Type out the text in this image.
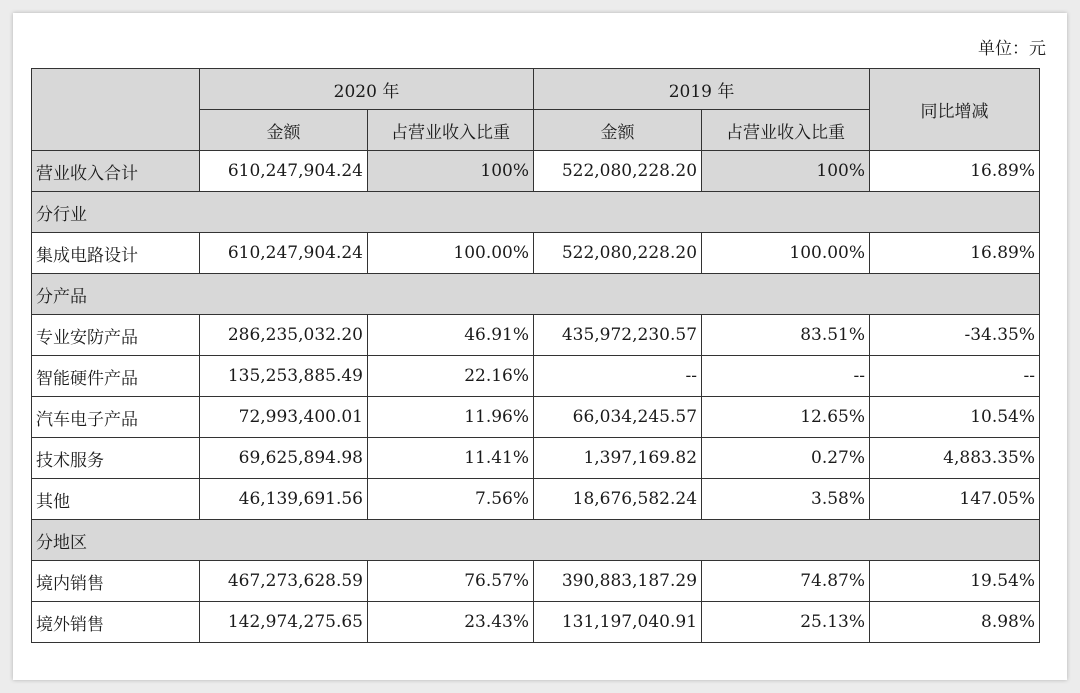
单位：元
	2020 年		2019 年		同比增减
	金额	占营业收入比重	金额	占营业收入比重	
营业收入合计	610,247,904.24	100%	522,080,228.20	100%	16.89%
分行业					
集成电路设计	610,247,904.24	100.00%	522,080,228.20	100.00%	16.89%
分产品					
专业安防产品	286,235,032.20	46.91%	435,972,230.57	83.51%	-34.35%
智能硬件产品	135,253,885.49	22.16%	--	--	--
汽车电子产品	72,993,400.01	11.96%	66,034,245.57	12.65%	10.54%
技术服务	69,625,894.98	11.41%	1,397,169.82	0.27%	4,883.35%
其他	46,139,691.56	7.56%	18,676,582.24	3.58%	147.05%
分地区					
境内销售	467,273,628.59	76.57%	390,883,187.29	74.87%	19.54%
境外销售	142,974,275.65	23.43%	131,197,040.91	25.13%	8.98%
